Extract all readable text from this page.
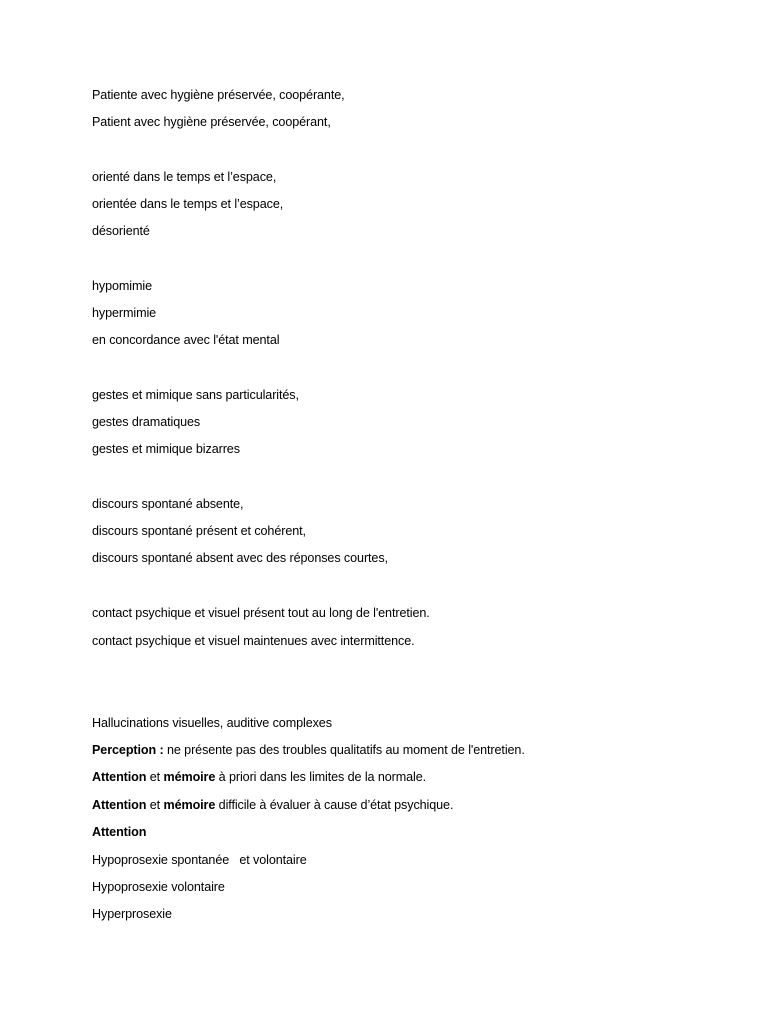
Patiente avec hygiène préservée, coopérante,
Patient avec hygiène préservée, coopérant,
orienté dans le temps et l’espace,
orientée dans le temps et l’espace,
désorienté
hypomimie
hypermimie
en concordance avec l'état mental
gestes et mimique sans particularités,
gestes dramatiques
gestes et mimique bizarres
discours spontané absente,
discours spontané présent et cohérent,
discours spontané absent avec des réponses courtes,
contact psychique et visuel présent tout au long de l'entretien.
contact psychique et visuel maintenues avec intermittence.
Hallucinations visuelles, auditive complexes
Perception : ne présente pas des troubles qualitatifs au moment de l'entretien.
Attention et mémoire à priori dans les limites de la normale.
Attention et mémoire difficile à évaluer à cause d’état psychique.
Attention
Hypoprosexie spontanée   et volontaire
Hypoprosexie volontaire
Hyperprosexie
